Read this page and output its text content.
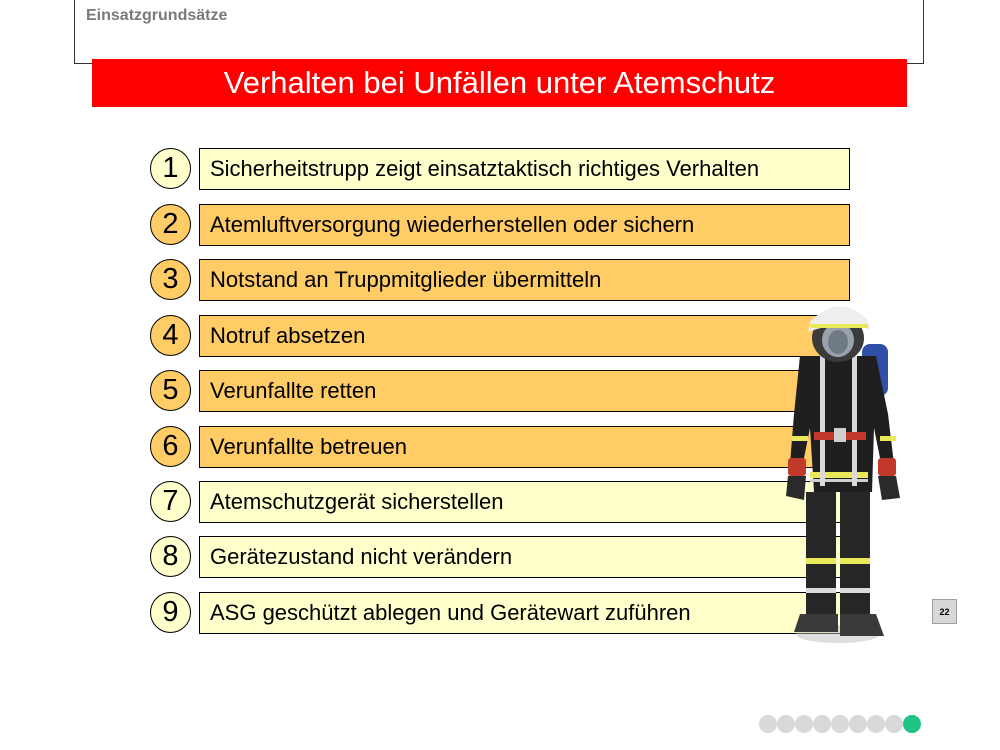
Einsatzgrundsätze
Verhalten bei Unfällen unter Atemschutz
1	Sicherheitstrupp zeigt einsatztaktisch richtiges Verhalten
2	Atemluftversorgung wiederherstellen oder sichern
3	Notstand an Truppmitglieder übermitteln
4	Notruf absetzen
5	Verunfallte retten
6	Verunfallte betreuen
7	Atemschutzgerät sicherstellen
8	Gerätezustand nicht verändern
9	ASG geschützt ablegen und Gerätewart zuführen	22
